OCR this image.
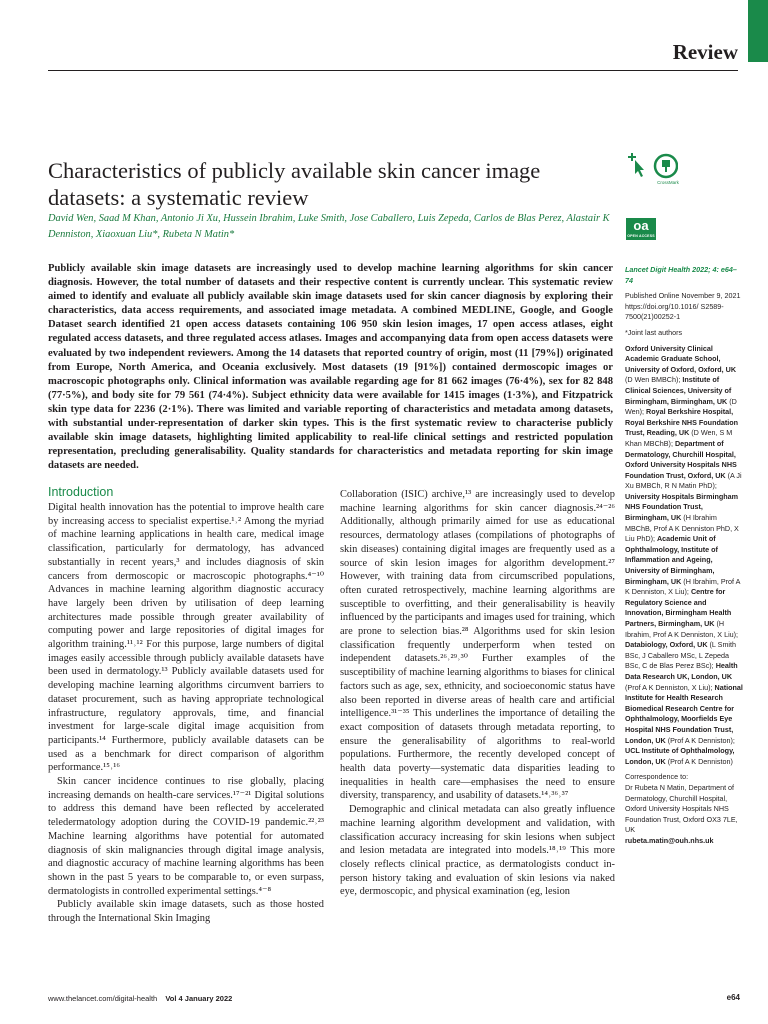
Review
Characteristics of publicly available skin cancer image datasets: a systematic review
CrossMark
oa
OPEN ACCESS

David Wen, Saad M Khan, Antonio Ji Xu, Hussein Ibrahim, Luke Smith, Jose Caballero, Luis Zepeda, Carlos de Blas Perez, Alastair K Denniston, Xiaoxuan Liu*, Rubeta N Matin*

Publicly available skin image datasets are increasingly used to develop machine learning algorithms for skin cancer diagnosis. However, the total number of datasets and their respective content is currently unclear. This systematic review aimed to identify and evaluate all publicly available skin image datasets used for skin cancer diagnosis by exploring their characteristics, data access requirements, and associated image metadata. A combined MEDLINE, Google, and Google Dataset search identified 21 open access datasets containing 106 950 skin lesion images, 17 open access atlases, eight regulated access datasets, and three regulated access atlases. Images and accompanying data from open access datasets were evaluated by two independent reviewers. Among the 14 datasets that reported country of origin, most (11 [79%]) originated from Europe, North America, and Oceania exclusively. Most datasets (19 [91%]) contained dermoscopic images or macroscopic photographs only. Clinical information was available regarding age for 81 662 images (76·4%), sex for 82 848 (77·5%), and body site for 79 561 (74·4%). Subject ethnicity data were available for 1415 images (1·3%), and Fitzpatrick skin type data for 2236 (2·1%). There was limited and variable reporting of characteristics and metadata among datasets, with substantial under-representation of darker skin types. This is the first systematic review to characterise publicly available skin image datasets, highlighting limited applicability to real-life clinical settings and restricted population representation, precluding generalisability. Quality standards for characteristics and metadata reporting for skin image datasets are needed.

Introduction

Digital health innovation has the potential to improve health care by increasing access to specialist expertise.¹˒² Among the myriad of machine learning applications in health care, medical image classification, particularly for dermatology, has advanced substantially in recent years,³ and includes diagnosis of skin cancers from dermoscopic or macroscopic photographs.⁴⁻¹⁰ Advances in machine learning algorithm diagnostic accuracy have largely been driven by utilisation of deep learning architectures made possible through greater availability of computing power and large repositories of digital images for algorithm training.¹¹˒¹² For this purpose, large numbers of digital images easily accessible through publicly available datasets have been used in dermatology.¹³ Publicly available datasets used for developing machine learning algorithms circumvent barriers to dataset procurement, such as having appropriate technological infrastructure, regulatory approvals, time, and financial investment for large-scale digital image acquisition from participants.¹⁴ Furthermore, publicly available datasets can be used as a benchmark for direct comparison of algorithm performance.¹⁵˒¹⁶

Skin cancer incidence continues to rise globally, placing increasing demands on health-care services.¹⁷⁻²¹ Digital solutions to address this demand have been reflected by accelerated teledermatology adoption during the COVID-19 pandemic.²²˒²³ Machine learning algorithms have potential for automated diagnosis of skin malignancies through digital image analysis, and diagnostic accuracy of machine learning algorithms has been shown in the past 5 years to be comparable to, or even surpass, dermatologists in controlled experimental settings.⁴⁻⁸

Publicly available skin image datasets, such as those hosted through the International Skin Imaging

Collaboration (ISIC) archive,¹³ are increasingly used to develop machine learning algorithms for skin cancer diagnosis.²⁴⁻²⁶ Additionally, although primarily aimed for use as educational resources, dermatology atlases (compilations of photographs of skin diseases) containing digital images are frequently used as a source of skin lesion images for algorithm development.²⁷ However, with training data from circumscribed populations, often curated retrospectively, machine learning algorithms are susceptible to overfitting, and their generalisability is heavily influenced by the participants and images used for training, which are prone to selection bias.²⁸ Algorithms used for skin lesion classification frequently underperform when tested on independent datasets.²⁶˒²⁹˒³⁰ Further examples of the susceptibility of machine learning algorithms to biases for clinical factors such as age, sex, ethnicity, and socioeconomic status have also been reported in diverse areas of health care and artificial intelligence.³¹⁻³⁵ This underlines the importance of detailing the exact composition of datasets through metadata reporting, to ensure the generalisability of algorithms to real-world populations. Furthermore, the recently developed concept of health data poverty—systematic data disparities leading to inequalities in health care—emphasises the need to ensure diversity, transparency, and usability of datasets.¹⁴˒³⁶˒³⁷

Demographic and clinical metadata can also greatly influence machine learning algorithm development and validation, with classification accuracy increasing for skin lesions when subject and lesion metadata are integrated into models.¹⁸˒¹⁹ This more closely reflects clinical practice, as dermatologists conduct in-person history taking and evaluation of skin lesions via naked eye, dermoscopic, and physical examination (eg, lesion

Lancet Digit Health 2022; 4: e64–74
Published Online November 9, 2021 https://doi.org/10.1016/ S2589-7500(21)00252-1
*Joint last authors
Oxford University Clinical Academic Graduate School, University of Oxford, Oxford, UK (D Wen BMBCh); Institute of Clinical Sciences, University of Birmingham, Birmingham, UK (D Wen); Royal Berkshire Hospital, Royal Berkshire NHS Foundation Trust, Reading, UK (D Wen, S M Khan MBChB); Department of Dermatology, Churchill Hospital, Oxford University Hospitals NHS Foundation Trust, Oxford, UK (A Ji Xu BMBCh, R N Matin PhD); University Hospitals Birmingham NHS Foundation Trust, Birmingham, UK (H Ibrahim MBChB, Prof A K Denniston PhD, X Liu PhD); Academic Unit of Ophthalmology, Institute of Inflammation and Ageing, University of Birmingham, Birmingham, UK (H Ibrahim, Prof A K Denniston, X Liu); Centre for Regulatory Science and Innovation, Birmingham Health Partners, Birmingham, UK (H Ibrahim, Prof A K Denniston, X Liu); Databiology, Oxford, UK (L Smith BSc, J Caballero MSc, L Zepeda BSc, C de Blas Perez BSc); Health Data Research UK, London, UK (Prof A K Denniston, X Liu); National Institute for Health Research Biomedical Research Centre for Ophthalmology, Moorfields Eye Hospital NHS Foundation Trust, London, UK (Prof A K Denniston); UCL Institute of Ophthalmology, London, UK (Prof A K Denniston)
Correspondence to:
Dr Rubeta N Matin, Department of Dermatology, Churchill Hospital, Oxford University Hospitals NHS Foundation Trust, Oxford OX3 7LE, UK
rubeta.matin@ouh.nhs.uk
www.thelancet.com/digital-health Vol 4 January 2022	e64
